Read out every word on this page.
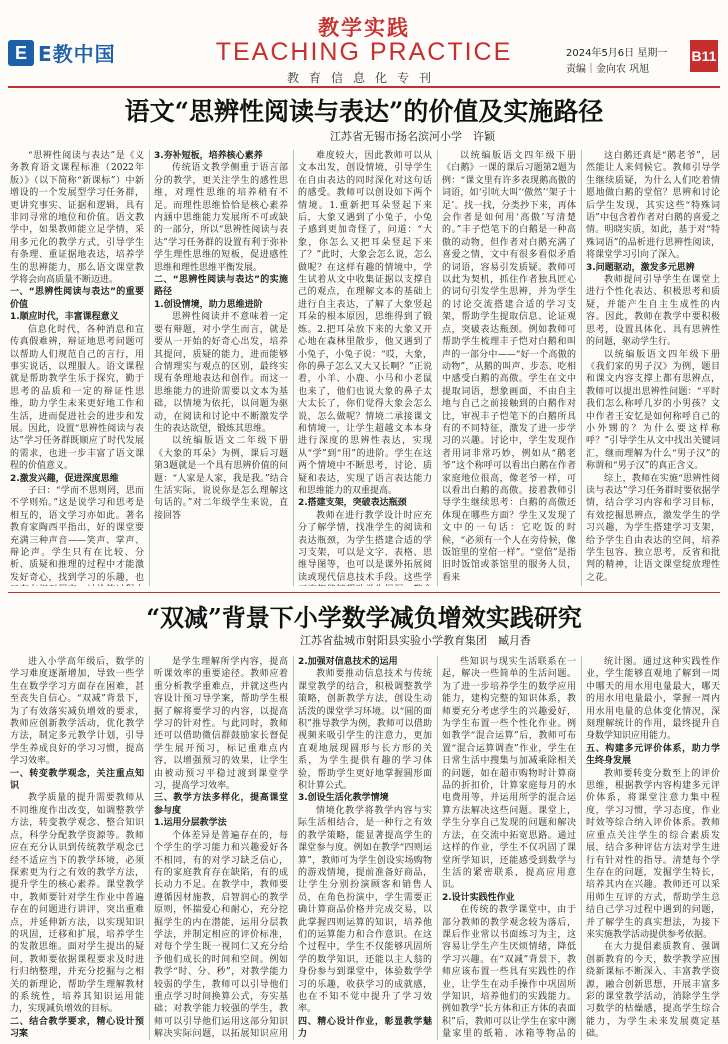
E E教中国
教学实践
TEACHING PRACTICE
教育信息化专刊
2024年5月6日 星期一
责编｜金向农 巩旭
B11
语文“思辨性阅读与表达”的价值及实施路径
江苏省无锡市扬名滨河小学　许颖

“思辨性阅读与表达”是《义务教育语文课程标准（2022年版）》（以下简称“新课标”）中新增设的一个发展型学习任务群，更讲究事实、证据和逻辑，具有非同寻常的地位和价值。语文教学中，如果教师能立足学情，采用多元化的教学方式，引导学生有条理、重证据地表达，培养学生的思辨能力，那么语文课堂教学将会向高质量不断迈进。

一、“思辨性阅读与表达”的重要价值

1.顺应时代，丰富课程意义

信息化时代，各种消息和宣传真假难辨，辩证地思考问题可以帮助人们规范自己的言行，用事实说话，以理服人。语文课程就是帮助教学生乐于探究，勤于思考的品质和一定的辩证性思维，助力学生未来更好地工作和生活，进而促进社会的进步和发展。因此，设置“思辨性阅读与表达”学习任务群既顺应了时代发展的需求，也进一步丰富了语文课程的价值意义。

2.激发兴趣，促进深度思维

子曰：“学而不思则罔，思而不学则殆。”这是说学习和思考是相互的，语文学习亦如此。著名教育家陶西平指出，好的课堂要充满三种声音——笑声、掌声、辩论声。学生只有在比较、分析、质疑和推理的过程中才能激发好奇心，找到学习的乐趣，也

3.夯补短板，培养核心素养

传统语文教学侧重于语言部分的教学，更关注学生的感性思维，对理性思维的培养稍有不足。而理性思维恰恰是核心素养内涵中思维能力发展所不可或缺的一部分，所以“思辨性阅读与表达”学习任务群的设置有利于弥补学生理性思维的短板，促进感性思维和理性思维平衡发展。

二、“思辨性阅读与表达”的实施路径

1.创设情境，助力思维进阶

思辨性阅读并不意味着一定要有辩题，对小学生而言，就是要从一开始的好奇心出发，培养其提问，质疑的能力，进而能够合情理实与观点的区别，最终实现有条理地表达和创作。而这一思维能力的进阶需要以文本为基础，以情境为依托，以问题为驱动，在阅读和讨论中不断激发学生的表达欲望，锻炼其思维。

以统编版语文二年级下册《大象的耳朵》为例，课后习题第3题就是一个具有思辨价值的问题：“人家是人家，我是我。”结合生活实际，说说你是怎么理解这句话的。”对二年级学生来说，直接回答

难度较大，因此教师可以从文本出发，创设情境，引导学生在自由表达的同时深化对这句话的感受。教师可以创设如下两个情境。1.重新把耳朵竖起下来后，大象又遇到了小兔子，小兔子感到更加奇怪了，问道：“大象，你怎么又把耳朵竖起下来了？”此时，大象会怎么说，怎么做呢？在这样有趣的情境中，学生试着从文中收集证据以支撑自己的观点，在理解文本的基础上进行自主表达，了解了大象竖起耳朵的根本原因，思维得到了锻炼。2.把耳朵放下来的大象又开心地在森林里散步，他又遇到了小兔子，小兔子说：“哎，大象，你的鼻子怎么又大又长啊？”正说着，小羊、小鹿、小马和小老鼠也来了，他们也说大象的鼻子太大太长了，你们觉得大象会怎么说，怎么做呢？情境二承接课文和情境一，让学生超越文本本身进行深度的思辨性表达，实现从“学”到“用”的进阶。学生在这两个情境中不断思考，讨论、质疑和表达，实现了语言表达能力和思维能力的双重提高。

2.搭建支架，突破表达瓶颈

教师在进行教学设计时应充分了解学情，找准学生的阅读和表达瓶颈，为学生搭建合适的学习支架，可以是文字、表格、思维导图等，也可以是课外拓展阅读或现代信息技术手段。这些学

以统编版语文四年级下册《白鹅》一课的课后习题第2题为例：“课文里有许多表现鹅高傲的词语，如‘引吭大叫’‘傲然’‘架子十足’。找一找，分类抄下来，再体会作者是如何用‘高傲’写清楚的。”丰子恺笔下的白鹅是一种高傲的动物，但作者对白鹅充满了喜爱之情，文中有很多看似矛盾的词语，容易引发质疑。教师可以此为契机，抓住作者独具匠心的词句引发学生思辨，并为学生的讨论交流搭建合适的学习支架，帮助学生提取信息、论证观点，突破表达瓶颈。例如教师可帮助学生梳理丰子恺对白鹅和叫声的一部分中——“好一个高傲的动物”，从鹅的叫声、步态、吃相中感受白鹅的高傲。学生在文中提取词语，想象画面，不由自主地与自己之前接触到的白鹅作对比，审视丰子恺笔下的白鹅所具有的不同特征，激发了进一步学习的兴趣。讨论中，学生发现作者用词非常巧妙，例如从“鹅老爷”这个称呼可以看出白鹅在作者家庭地位很高，像老爷一样，可以看出白鹅的高傲。接着教师引导学生继续思考：白鹅的高傲还体现在哪些方面？学生又发现了文中的一句话：它吃饭的时候，“必须有一个人在旁侍候，像饭馆里的堂倌一样”。“堂倌”是指旧时饭馆或茶馆里的服务人员，看来

这白鹅还真是“鹅老爷”，居然能让人来伺候它。教师引导学生继续质疑，为什么人们吃着情愿地做白鹅的堂倌？思辨和讨论后学生发现，其实这些“特殊词语”中包含着作者对白鹅的喜爱之情。明晓实质，如此，基于对“特殊词语”的品析进行思辨性阅读，将课堂学习引向了深入。

3.问题驱动，激发多元思辨

教师提问引导学生在课堂上进行个性化表达、积极思考和质疑，并能产生自主生成性的内容。因此，教师在教学中要积极思考，设置具体化、具有思辨性的问题，驱动学生行。

以统编版语文四年级下册《我们家的男子汉》为例，题目和课文内容支撑上都有思辨点，教师可以提出思辨性问题：“平时我们怎么称呼几岁的小男孩？文中作者王安忆是如何称呼自己的小外甥的？为什么要这样称呼？”引导学生从文中找出关键词汇，继而理解为什么“男子汉”的称谓和“男子汉”的真正含义。

综上，教师在实施“思辨性阅读与表达”学习任务群时要依据学情，结合学习内容和学习目标，有效挖掘思辨点，激发学生的学习兴趣，为学生搭建学习支架，给予学生自由表达的空间，培养学生包容、独立思考，反省和批判的精神，让语文课堂绽放理性之花。

“双减”背景下小学数学减负增效实践研究
江苏省盐城市射阳县实验小学教育集团　臧月香

进入小学高年级后，数学的学习难度逐渐增加，导致一些学生在数学学习方面存在困难，甚至丧失自信心。“双减”背景下，为了有效落实减负增效的要求，教师应创新教学活动，优化教学方法，制定多元教学计划，引导学生养成良好的学习习惯，提高学习效率。

一、转变教学观念，关注重点知识

教学质量的提升需要教师从不同维度作出改变，如调整教学方法，转变教学观念、整合知识点，科学分配教学资源等。教师应在充分认识到传统教学观念已经不适应当下的教学环境，必须探索更为行之有效的教学方法，提升学生的核心素养。课堂教学中，教师要针对学生作业中普遍存在的问题进行讲评，突出重难点，并延伸新方法，以实现知识的巩固，迁移和扩展，培养学生的发散思维。面对学生提出的疑问，教师要依据课程要求及时进行归纳整理，并充分挖掘与之相关的新理论，帮助学生理解教材的系统性，培养其知识运用能力，实现减负增效的目标。

二、结合教学要求，精心设计预习案

是学生理解所学内容，提高听课效率的重要途径。教师应着重分析教学重难点，并就这些内容设计预习导学案，帮助学生根据了解将要学习的内容，以提高学习的针对性。与此同时，教师还可以借助微信群鼓励家长督促学生展开预习，标记重难点内容，以增强预习的效果，让学生由被动预习平稳过渡到课堂学习，提高学习效率。

三、教学方法多样化，提高课堂参与度

1.运用分层教学法

个体差异是普遍存在的，每个学生的学习能力和兴趣爱好各不相同，有的对学习缺乏信心，有的家庭教育存在缺陷，有的成长动力不足。在教学中，教师要遵循因材施教，启智润心的教学原则，怀揣爱心和耐心，充分挖掘学生的内在潜能，运用分层教学法，并制定相应的评价标准，对每个学生既一视同仁又充分给予他们成长的时间和空间。例如教学“时、分、秒”，对教学能力较弱的学生，教师可以引导他们重点学习时间换算公式，夯实基础；对教学能力较强的学生，教师可以引导他们运用这部分知识解决实际问题，以拓展知识应用

2.加强对信息技术的运用

教师要推动信息技术与传统课堂教学的结合，积极调整教学策略，创新教学方法，创设生动活泼的课堂学习环境。以“圆的面积”推导教学为例，教师可以借助视频来吸引学生的注意力，更加直观地展现圆形与长方形的关系，为学生提供有趣的学习体验，帮助学生更好地掌握圆形面积计算公式。

3.创设生活化教学情境

情境化教学将教学内容与实际生活相结合，是一种行之有效的教学策略，能显著提高学生的课堂参与度。例如在教学“四则运算”，教师可为学生创设实场购物的游戏情境，提前准备好商品，让学生分别扮演顾客和销售人员，在角色扮演中，学生需要正确计算商品价格并完成交易，以此掌握四则运算的知识，培养他们的运算能力和合作意识。在这个过程中，学生不仅能够巩固所学的数学知识，还能以主人翁的身份参与到课堂中，体验数学学习的乐趣，收获学习的成就感，也在不知不觉中提升了学习效率。

四、精心设计作业，彰显教学魅力

些知识与现实生活联系在一起，解决一些简单的生活问题。为了进一步培养学生的数学应用能力，建构完整的知识体系，教师要充分考虑学生的兴趣爱好，为学生布置一些个性化作业。例如教学“混合运算”后，教师可布置“混合运算调查”作业，学生在日常生活中搜集与加减乘除相关的问题，如在超市购物时计算商品的折扣价，计算家庭每月的水电费用等，并运用所学的混合运算方法解决这些问题。课堂上，学生分享自己发现的问题和解决方法，在交流中拓宽思路。通过这样的作业，学生不仅巩固了课堂所学知识，还能感受到数学与生活的紧密联系，提高应用意识。

2.设计实践性作业

在传统的教学课堂中，由于部分教师的教学观念较为落后，课后作业常以书面练习为主，这容易让学生产生厌烦情绪，降低学习兴趣。在“双减”背景下，教师应该布置一些具有实践性的作业，让学生在动手操作中巩固所学知识，培养他们的实践能力。例如教学“长方体和正方体的表面积”后，教师可以让学生在家中测量家里的纸箱、冰箱等物品的

统计图。通过这种实践性作业，学生能够直观地了解到一周中哪天的用水用电量最大，哪天的用水用电量最小，掌握一周内用水用电量的总体变化情况，深刻理解统计的作用，最终提升自身数学知识应用能力。

五、构建多元评价体系，助力学生终身发展

教师要转变分数至上的评价思维，根据教学内容构建多元评价体系，将课堂注意力集中程度，学习习惯，学习态度，作业时效等综合纳入评价体系。教师应重点关注学生的综合素质发展，结合多种评估方法对学生进行有针对性的指导。清楚每个学生存在的问题，发掘学生特长，培养其内在兴趣。教师还可以采用师生互评的方式，帮助学生总结自己学习过程中遇到的问题，并了解学生的真实想法，为接下来实施教学活动提供参考依据。

在大力提倡素质教育、强调创新教育的今天，数学教学应围绕新课标不断深入、丰富教学资源，融合创新思想，开展丰富多彩的课堂教学活动，消除学生学习数学的枯燥感，提高学生综合能力，为学生未来发展奠定基础。
